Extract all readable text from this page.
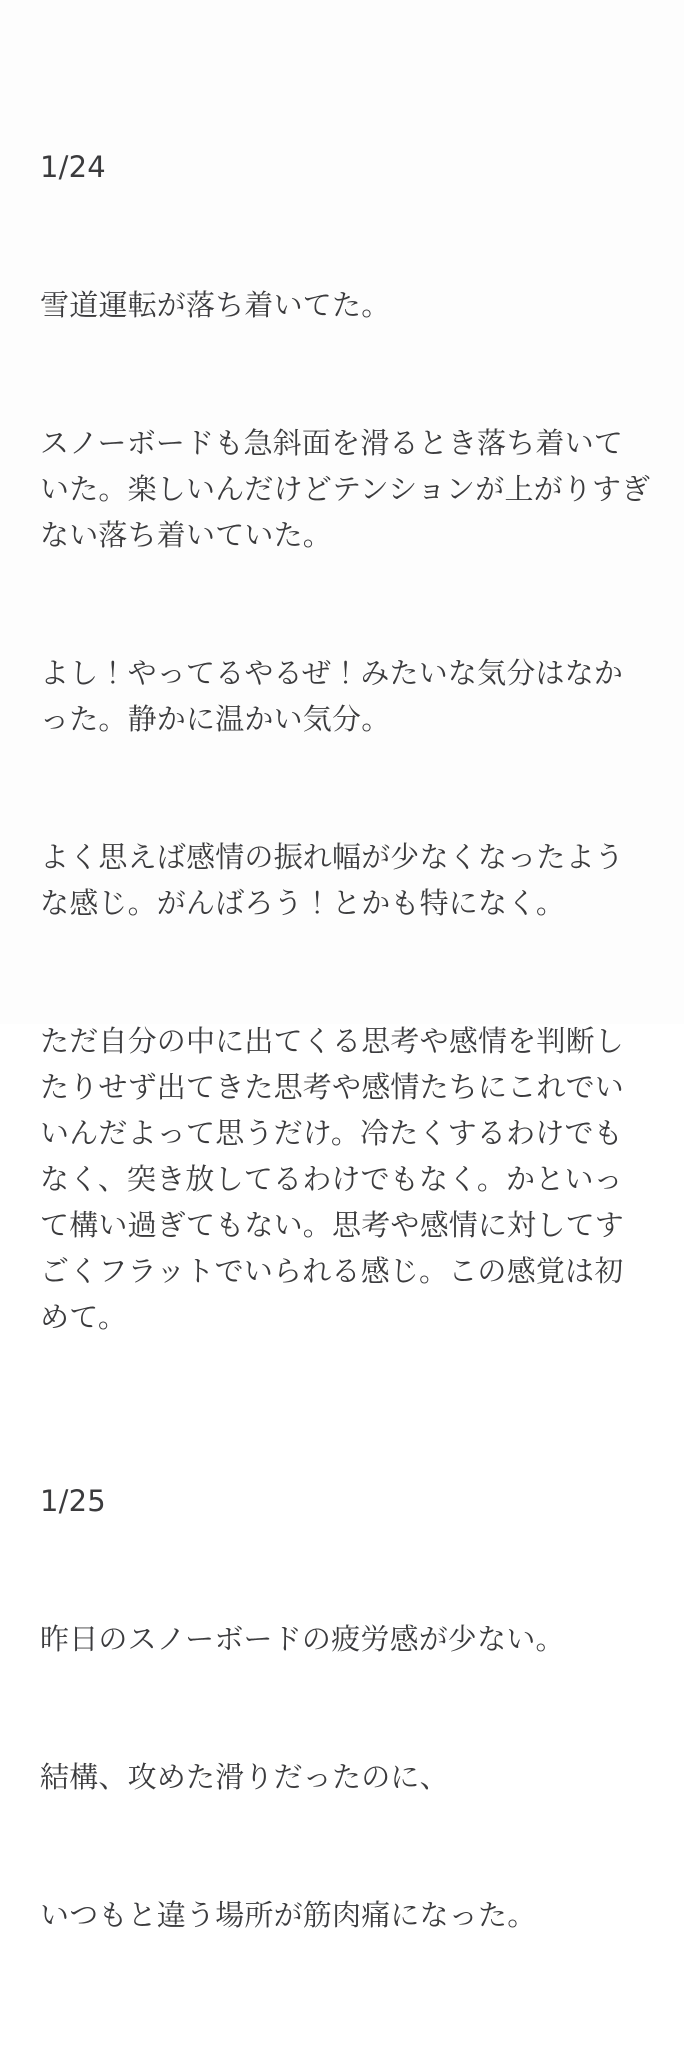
1/24

雪道運転が落ち着いてた。

スノーボードも急斜面を滑るとき落ち着いていた。楽しいんだけどテンションが上がりすぎない落ち着いていた。

よし！やってるやるぜ！みたいな気分はなかった。静かに温かい気分。

よく思えば感情の振れ幅が少なくなったような感じ。がんばろう！とかも特になく。

ただ自分の中に出てくる思考や感情を判断したりせず出てきた思考や感情たちにこれでいいんだよって思うだけ。冷たくするわけでもなく、突き放してるわけでもなく。かといって構い過ぎてもない。思考や感情に対してすごくフラットでいられる感じ。この感覚は初めて。

1/25

昨日のスノーボードの疲労感が少ない。

結構、攻めた滑りだったのに、

いつもと違う場所が筋肉痛になった。
